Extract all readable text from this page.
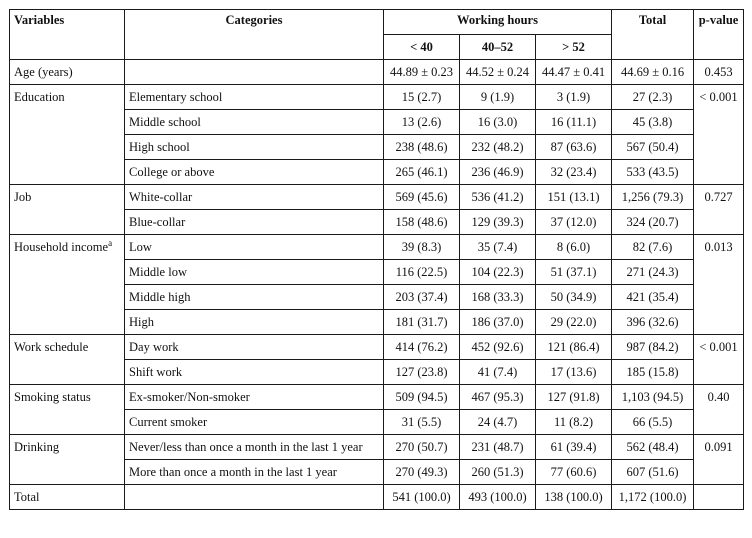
Variables	Categories	Working hours			Total	p-value
		< 40	40–52	> 52		
Age (years)		44.89 ± 0.23	44.52 ± 0.24	44.47 ± 0.41	44.69 ± 0.16	0.453
Education	Elementary school	15 (2.7)	9 (1.9)	3 (1.9)	27 (2.3)	< 0.001
	Middle school	13 (2.6)	16 (3.0)	16 (11.1)	45 (3.8)	
	High school	238 (48.6)	232 (48.2)	87 (63.6)	567 (50.4)	
	College or above	265 (46.1)	236 (46.9)	32 (23.4)	533 (43.5)	
Job	White-collar	569 (45.6)	536 (41.2)	151 (13.1)	1,256 (79.3)	0.727
	Blue-collar	158 (48.6)	129 (39.3)	37 (12.0)	324 (20.7)	
Household income$^a$	Low	39 (8.3)	35 (7.4)	8 (6.0)	82 (7.6)	0.013
	Middle low	116 (22.5)	104 (22.3)	51 (37.1)	271 (24.3)	
	Middle high	203 (37.4)	168 (33.3)	50 (34.9)	421 (35.4)	
	High	181 (31.7)	186 (37.0)	29 (22.0)	396 (32.6)	
Work schedule	Day work	414 (76.2)	452 (92.6)	121 (86.4)	987 (84.2)	< 0.001
	Shift work	127 (23.8)	41 (7.4)	17 (13.6)	185 (15.8)	
Smoking status	Ex-smoker/Non-smoker	509 (94.5)	467 (95.3)	127 (91.8)	1,103 (94.5)	0.40
	Current smoker	31 (5.5)	24 (4.7)	11 (8.2)	66 (5.5)	
Drinking	Never/less than once a month in the last 1 year	270 (50.7)	231 (48.7)	61 (39.4)	562 (48.4)	0.091
	More than once a month in the last 1 year	270 (49.3)	260 (51.3)	77 (60.6)	607 (51.6)	
Total		541 (100.0)	493 (100.0)	138 (100.0)	1,172 (100.0)	
